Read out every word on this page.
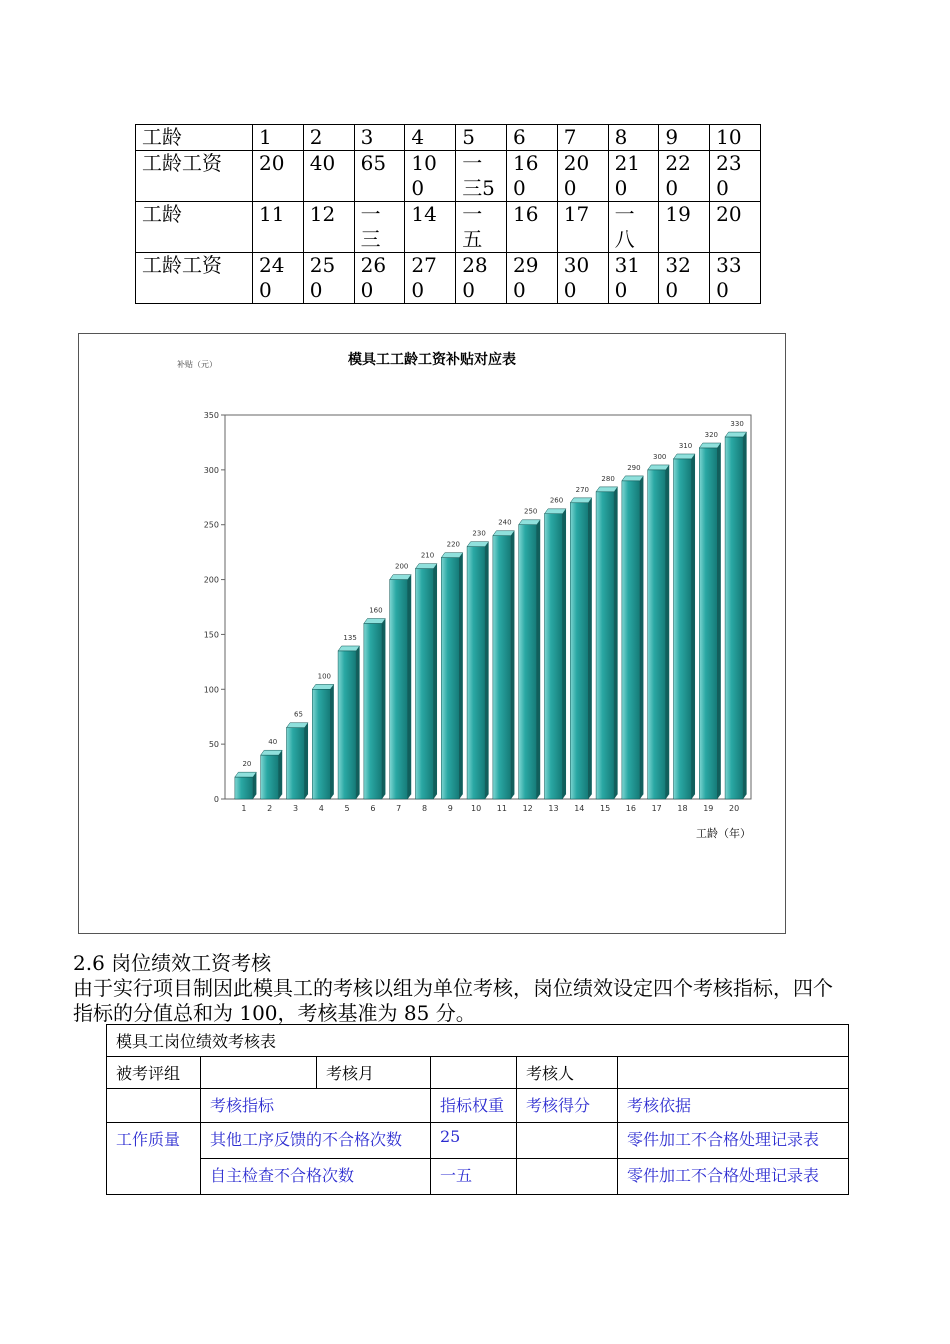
工龄	1	2	3	4	5	6	7	8	9	10
工龄工资	20	40	65	100	一三5	160	200	210	220	230
工龄	11	12	一三	14	一五	16	17	一八	19	20
工龄工资	240	250	260	270	280	290	300	310	320	330
模具工工龄工资补贴对应表
补贴（元）
工龄（年）
0
50
100
150
200
250
300
350
20
1
40
2
65
3
100
4
135
5
160
6
200
7
210
8
220
9
230
10
240
11
250
12
260
13
270
14
280
15
290
16
300
17
310
18
320
19
330
20
2.6 岗位绩效工资考核

由于实行项目制因此模具工的考核以组为单位考核，岗位绩效设定四个考核指标，四个指标的分值总和为 100，考核基准为 85 分。

模具工岗位绩效考核表					
被考评组		考核月		考核人	
	考核指标		指标权重	考核得分	考核依据
工作质量	其他工序反馈的不合格次数		25		零件加工不合格处理记录表
	自主检查不合格次数		一五		零件加工不合格处理记录表
